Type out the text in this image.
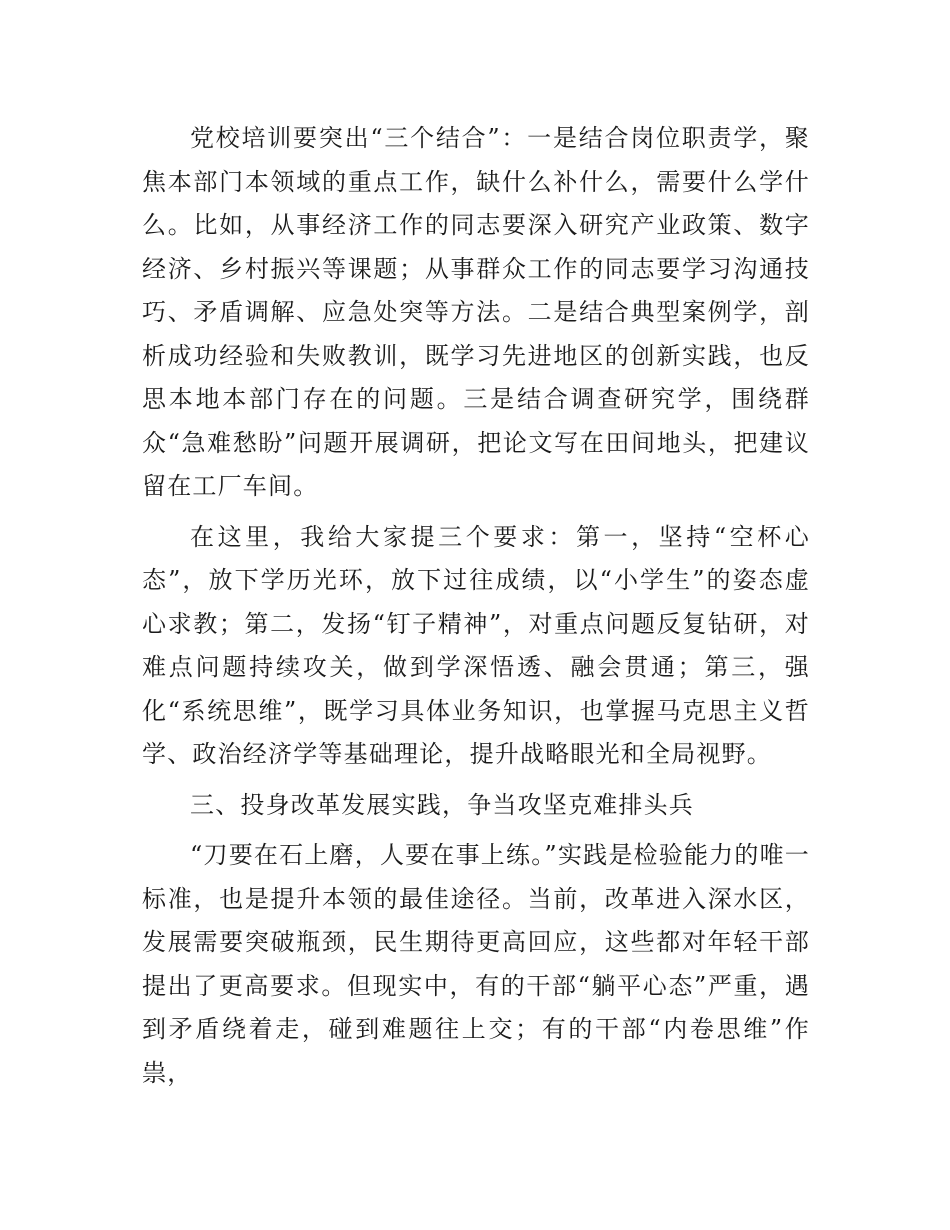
党校培训要突出“三个结合”：一是结合岗位职责学，聚焦本部门本领域的重点工作，缺什么补什么，需要什么学什么。比如，从事经济工作的同志要深入研究产业政策、数字经济、乡村振兴等课题；从事群众工作的同志要学习沟通技巧、矛盾调解、应急处突等方法。二是结合典型案例学，剖析成功经验和失败教训，既学习先进地区的创新实践，也反思本地本部门存在的问题。三是结合调查研究学，围绕群众“急难愁盼”问题开展调研，把论文写在田间地头，把建议留在工厂车间。

在这里，我给大家提三个要求：第一，坚持“空杯心态”，放下学历光环，放下过往成绩，以“小学生”的姿态虚心求教；第二，发扬“钉子精神”，对重点问题反复钻研，对难点问题持续攻关，做到学深悟透、融会贯通；第三，强化“系统思维”，既学习具体业务知识，也掌握马克思主义哲学、政治经济学等基础理论，提升战略眼光和全局视野。

三、投身改革发展实践，争当攻坚克难排头兵

“刀要在石上磨，人要在事上练。”实践是检验能力的唯一标准，也是提升本领的最佳途径。当前，改革进入深水区，发展需要突破瓶颈，民生期待更高回应，这些都对年轻干部提出了更高要求。但现实中，有的干部“躺平心态”严重，遇到矛盾绕着走，碰到难题往上交；有的干部“内卷思维”作祟，
